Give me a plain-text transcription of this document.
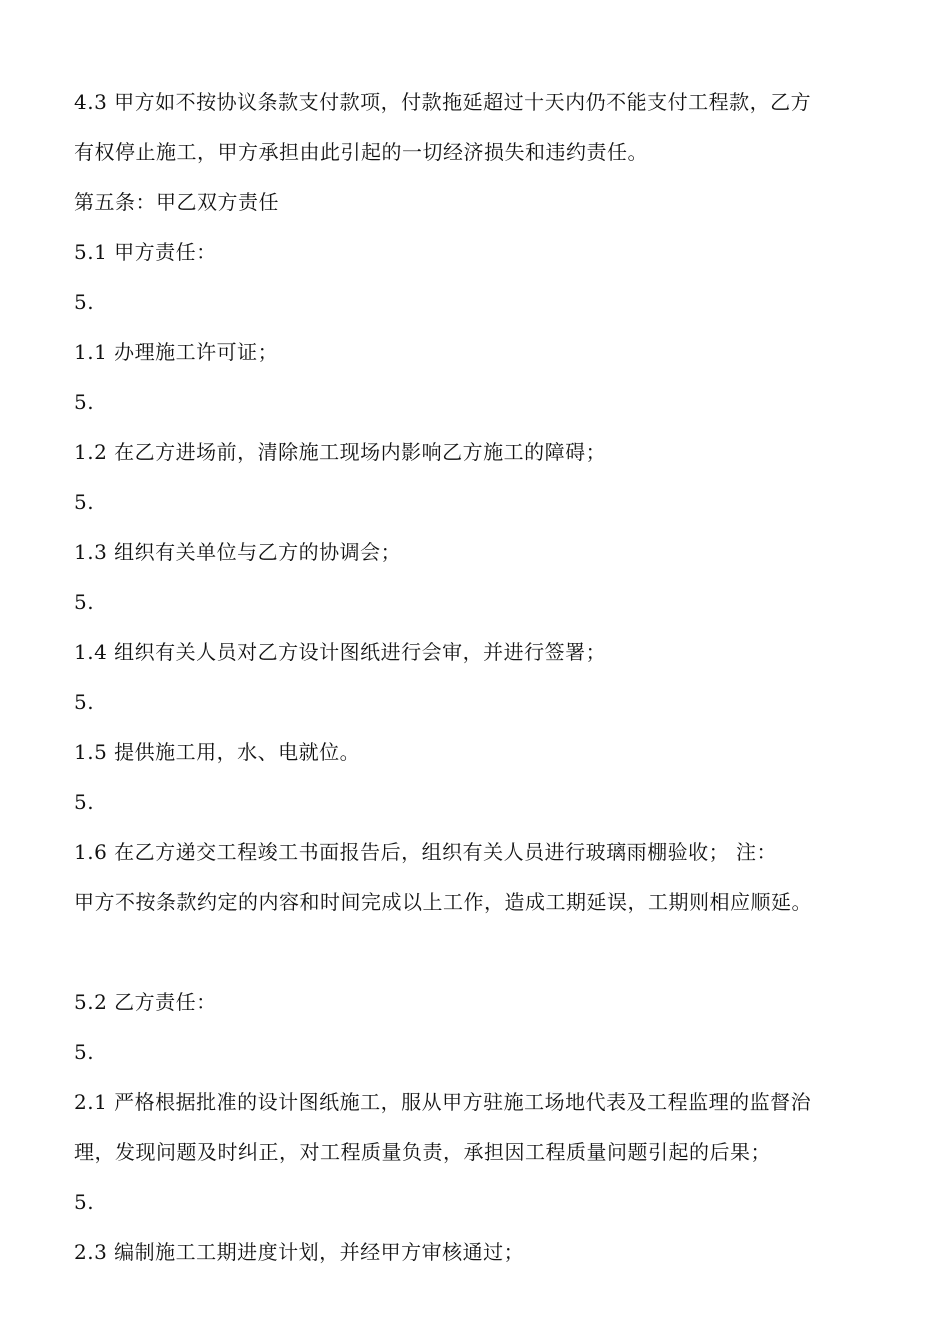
4.3 甲方如不按协议条款支付款项，付款拖延超过十天内仍不能支付工程款，乙方
有权停止施工，甲方承担由此引起的一切经济损失和违约责任。
第五条：甲乙双方责任
5.1 甲方责任：
5.
1.1 办理施工许可证；
5.
1.2 在乙方进场前，清除施工现场内影响乙方施工的障碍；
5.
1.3 组织有关单位与乙方的协调会；
5.
1.4 组织有关人员对乙方设计图纸进行会审，并进行签署；
5.
1.5 提供施工用，水、电就位。
5.
1.6 在乙方递交工程竣工书面报告后，组织有关人员进行玻璃雨棚验收； 注：
甲方不按条款约定的内容和时间完成以上工作，造成工期延误，工期则相应顺延。
5.2 乙方责任：
5.
2.1 严格根据批准的设计图纸施工，服从甲方驻施工场地代表及工程监理的监督治
理，发现问题及时纠正，对工程质量负责，承担因工程质量问题引起的后果；
5.
2.3 编制施工工期进度计划，并经甲方审核通过；
